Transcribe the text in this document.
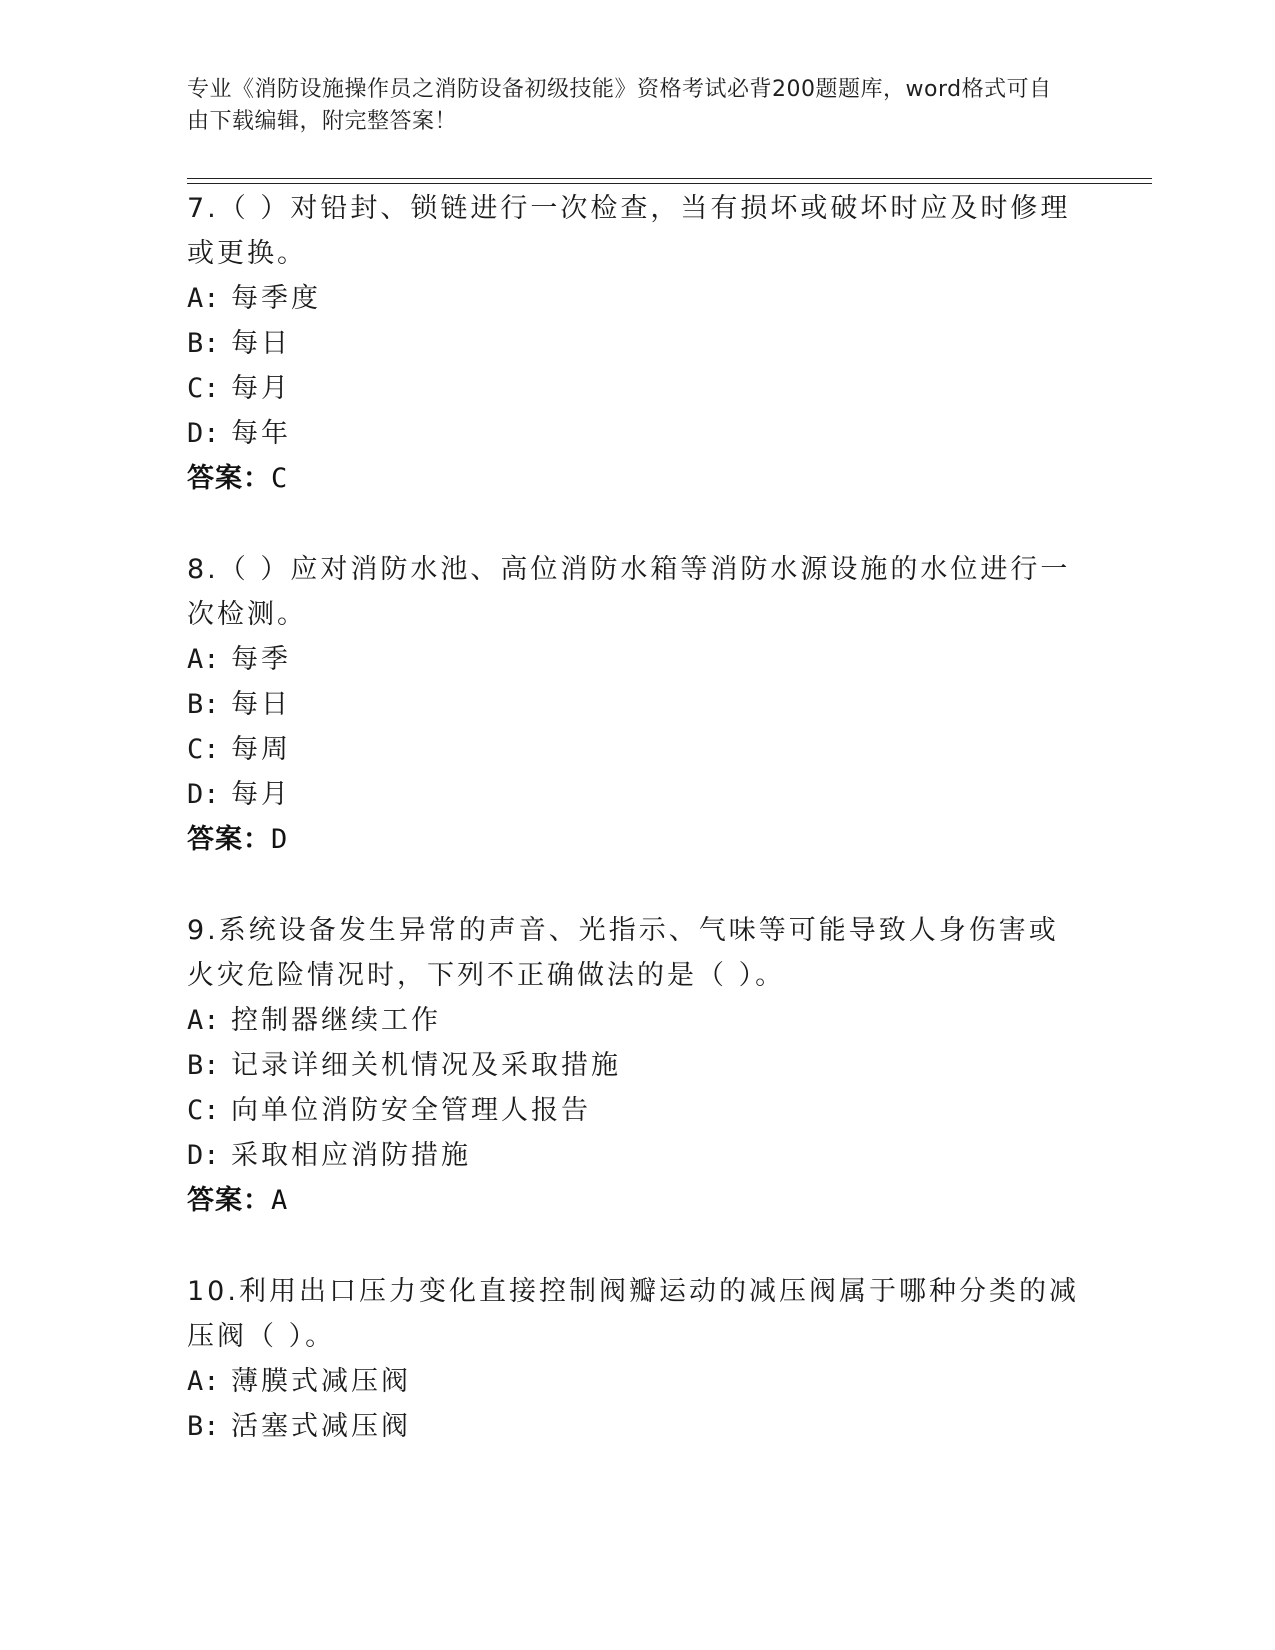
专业《消防设施操作员之消防设备初级技能》资格考试必背200题题库，word格式可自由下载编辑，附完整答案！
7.（ ）对铅封、锁链进行一次检查，当有损坏或破坏时应及时修理或更换。
A: 每季度
B: 每日
C: 每月
D: 每年
答案：C
8.（ ）应对消防水池、高位消防水箱等消防水源设施的水位进行一次检测。
A: 每季
B: 每日
C: 每周
D: 每月
答案：D
9.系统设备发生异常的声音、光指示、气味等可能导致人身伤害或火灾危险情况时，下列不正确做法的是（ ）。
A: 控制器继续工作
B: 记录详细关机情况及采取措施
C: 向单位消防安全管理人报告
D: 采取相应消防措施
答案：A
10.利用出口压力变化直接控制阀瓣运动的减压阀属于哪种分类的减压阀（ ）。
A: 薄膜式减压阀
B: 活塞式减压阀
